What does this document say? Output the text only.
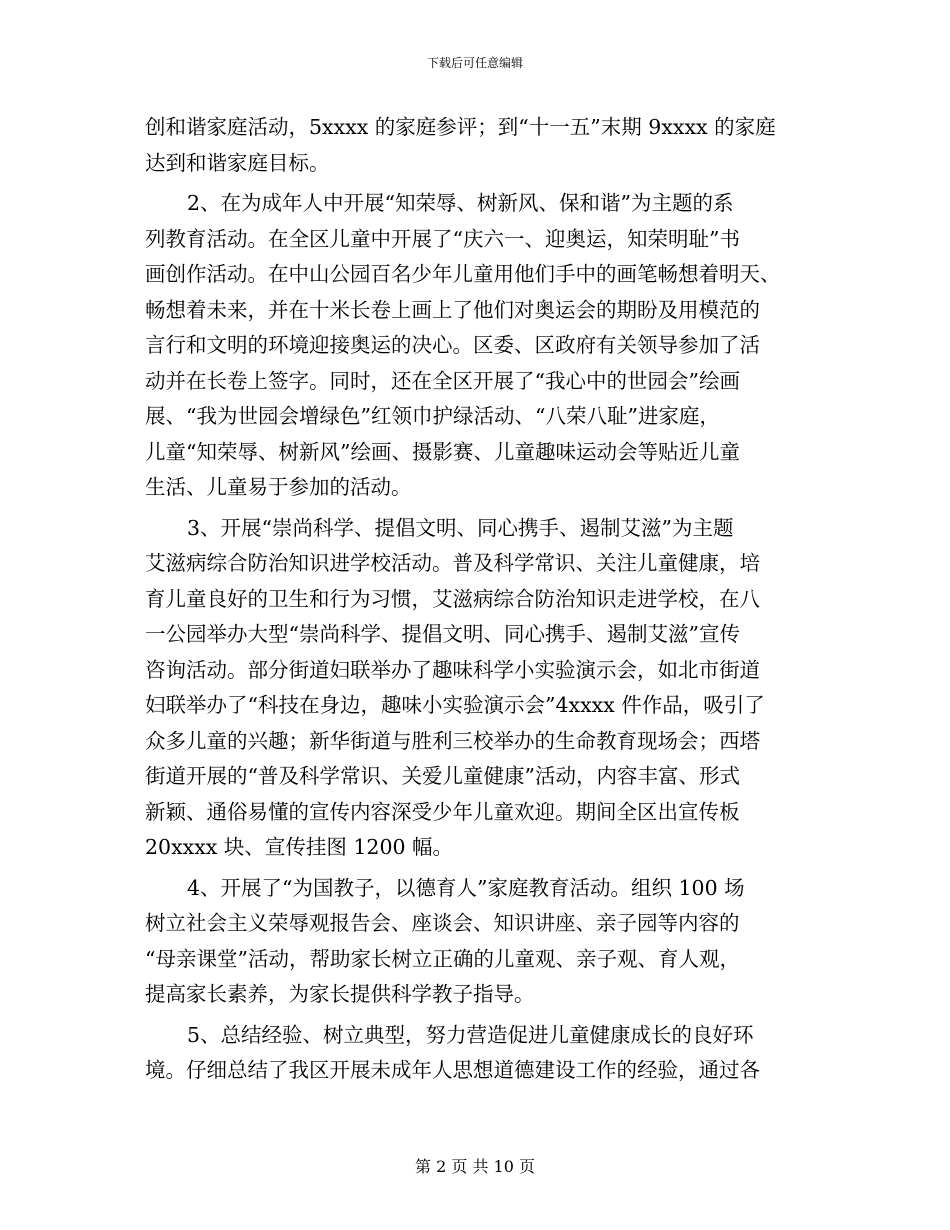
下载后可任意编辑
创和谐家庭活动，5xxxx 的家庭参评；到“十一五”末期 9xxxx 的家庭
达到和谐家庭目标。
2、在为成年人中开展“知荣辱、树新风、保和谐”为主题的系
列教育活动。在全区儿童中开展了“庆六一、迎奥运，知荣明耻”书
画创作活动。在中山公园百名少年儿童用他们手中的画笔畅想着明天、
畅想着未来，并在十米长卷上画上了他们对奥运会的期盼及用模范的
言行和文明的环境迎接奥运的决心。区委、区政府有关领导参加了活
动并在长卷上签字。同时，还在全区开展了“我心中的世园会”绘画
展、“我为世园会增绿色”红领巾护绿活动、“八荣八耻”进家庭，
儿童“知荣辱、树新风”绘画、摄影赛、儿童趣味运动会等贴近儿童
生活、儿童易于参加的活动。
3、开展“崇尚科学、提倡文明、同心携手、遏制艾滋”为主题
艾滋病综合防治知识进学校活动。普及科学常识、关注儿童健康，培
育儿童良好的卫生和行为习惯，艾滋病综合防治知识走进学校，在八
一公园举办大型“崇尚科学、提倡文明、同心携手、遏制艾滋”宣传
咨询活动。部分街道妇联举办了趣味科学小实验演示会，如北市街道
妇联举办了“科技在身边，趣味小实验演示会”4xxxx 件作品，吸引了
众多儿童的兴趣；新华街道与胜利三校举办的生命教育现场会；西塔
街道开展的“普及科学常识、关爱儿童健康”活动，内容丰富、形式
新颖、通俗易懂的宣传内容深受少年儿童欢迎。期间全区出宣传板
20xxxx 块、宣传挂图 1200 幅。
4、开展了“为国教子，以德育人”家庭教育活动。组织 100 场
树立社会主义荣辱观报告会、座谈会、知识讲座、亲子园等内容的
“母亲课堂”活动，帮助家长树立正确的儿童观、亲子观、育人观，
提高家长素养，为家长提供科学教子指导。
5、总结经验、树立典型，努力营造促进儿童健康成长的良好环
境。仔细总结了我区开展未成年人思想道德建设工作的经验，通过各
第 2 页 共 10 页
